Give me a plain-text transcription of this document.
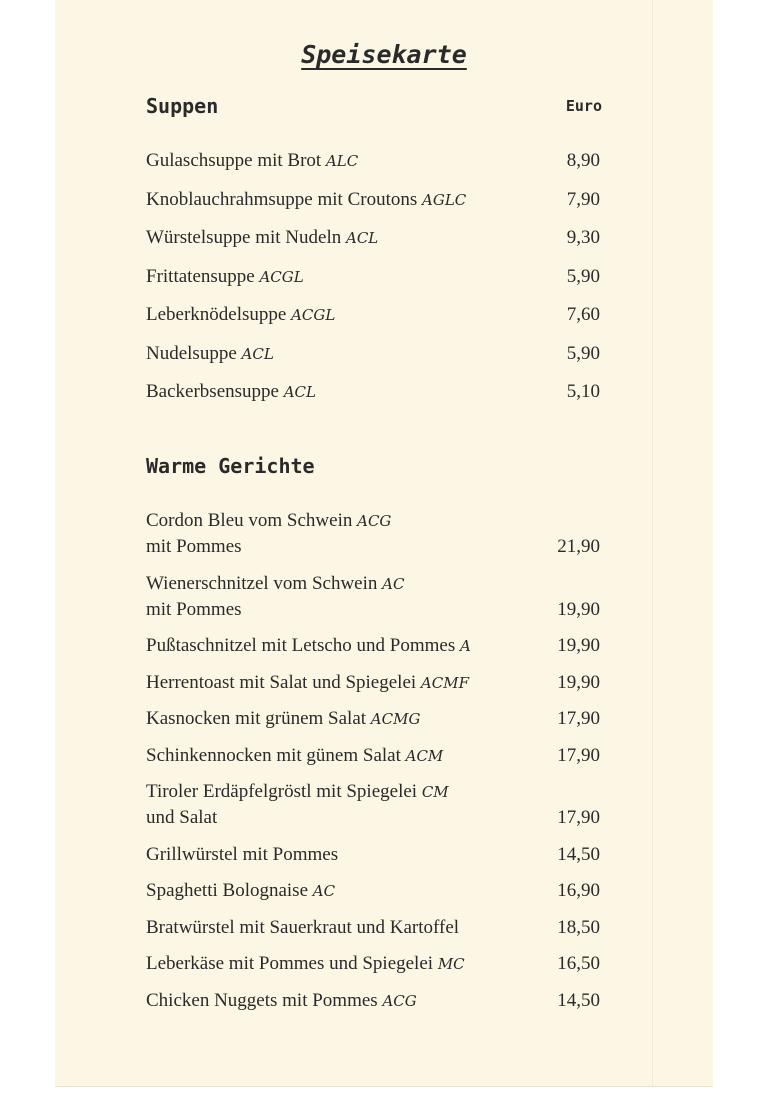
Speisekarte
Suppen	Euro
Gulaschsuppe mit Brot ALC	8,90
Knoblauchrahmsuppe mit Croutons AGLC	7,90
Würstelsuppe mit Nudeln ACL	9,30
Frittatensuppe ACGL	5,90
Leberknödelsuppe ACGL	7,60
Nudelsuppe ACL	5,90
Backerbsensuppe ACL	5,10
Warme Gerichte
Cordon Bleu vom Schwein ACG
mit Pommes	21,90
Wienerschnitzel vom Schwein AC
mit Pommes	19,90
Pußtaschnitzel mit Letscho und Pommes A	19,90
Herrentoast mit Salat und Spiegelei ACMF	19,90
Kasnocken mit grünem Salat ACMG	17,90
Schinkennocken mit günem Salat ACM	17,90
Tiroler Erdäpfelgröstl mit Spiegelei CM
und Salat	17,90
Grillwürstel mit Pommes	14,50
Spaghetti Bolognaise AC	16,90
Bratwürstel mit Sauerkraut und Kartoffel	18,50
Leberkäse mit Pommes und Spiegelei MC	16,50
Chicken Nuggets mit Pommes ACG	14,50
